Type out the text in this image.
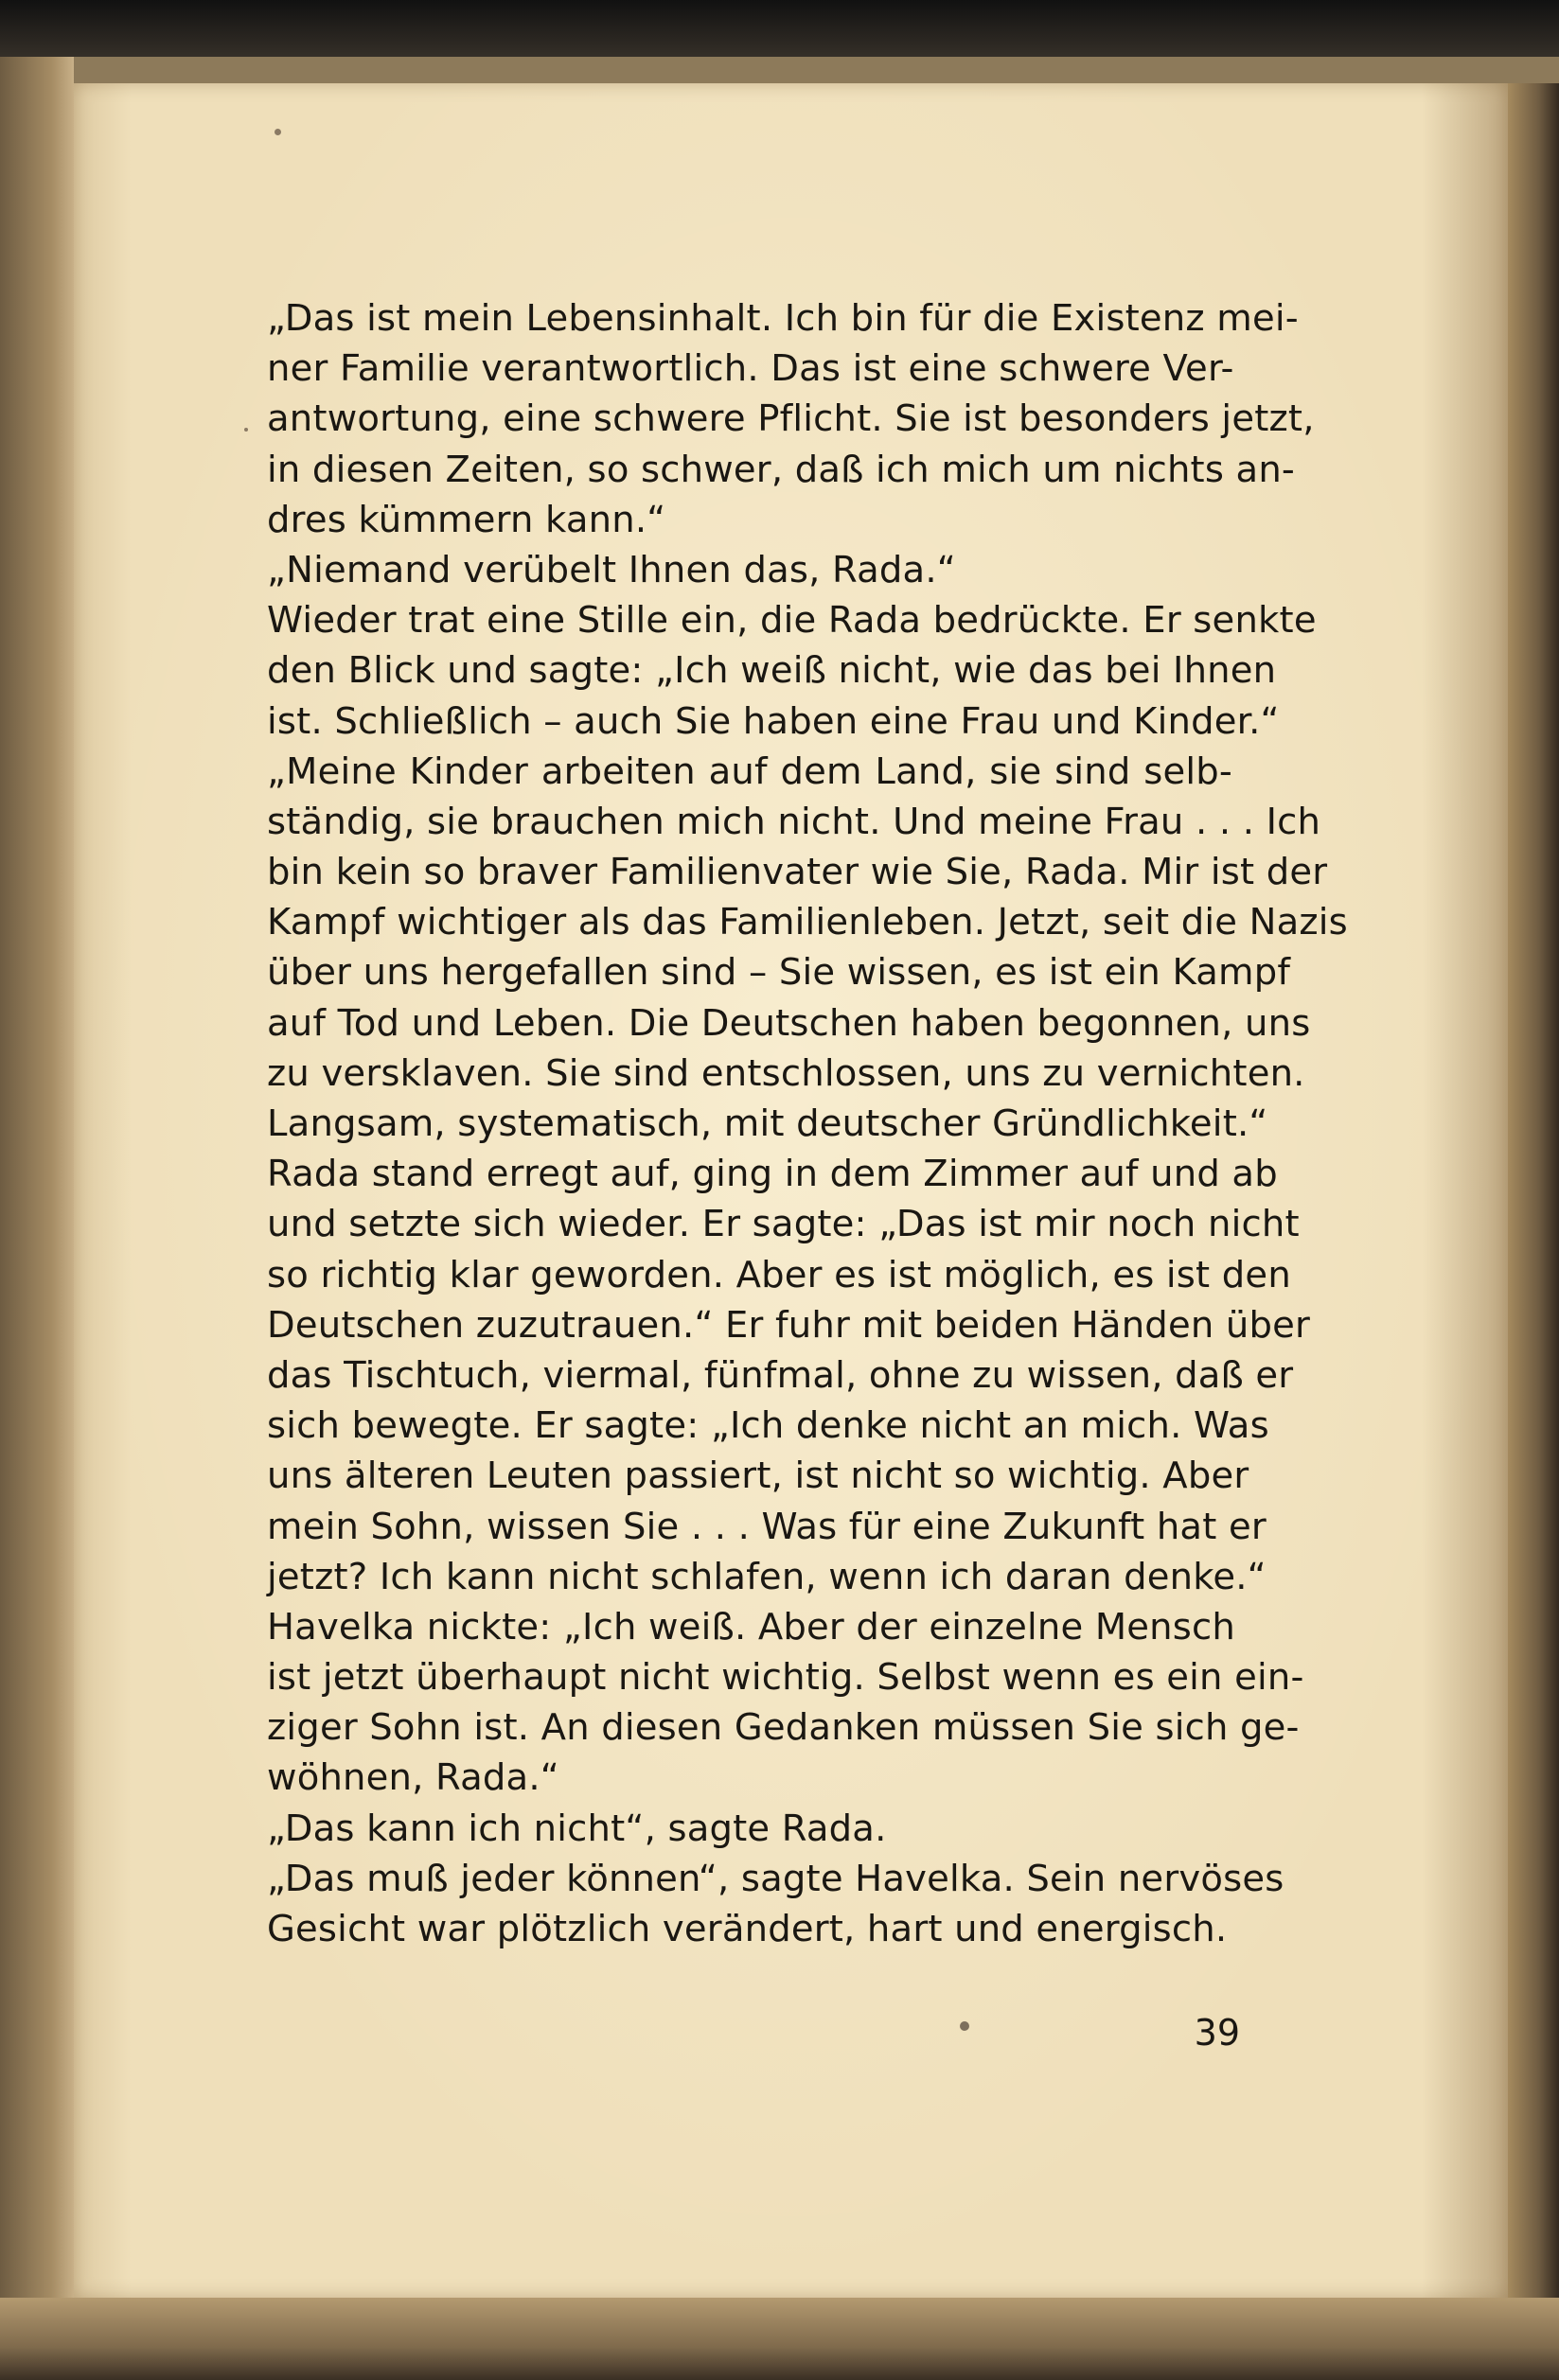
„Das ist mein Lebensinhalt. Ich bin für die Existenz mei-
ner Familie verantwortlich. Das ist eine schwere Ver-
antwortung, eine schwere Pflicht. Sie ist besonders jetzt,
in diesen Zeiten, so schwer, daß ich mich um nichts an-
dres kümmern kann.“
„Niemand verübelt Ihnen das, Rada.“
Wieder trat eine Stille ein, die Rada bedrückte. Er senkte
den Blick und sagte: „Ich weiß nicht, wie das bei Ihnen
ist. Schließlich – auch Sie haben eine Frau und Kinder.“
„Meine Kinder arbeiten auf dem Land, sie sind selb-
ständig, sie brauchen mich nicht. Und meine Frau . . . Ich
bin kein so braver Familienvater wie Sie, Rada. Mir ist der
Kampf wichtiger als das Familienleben. Jetzt, seit die Nazis
über uns hergefallen sind – Sie wissen, es ist ein Kampf
auf Tod und Leben. Die Deutschen haben begonnen, uns
zu versklaven. Sie sind entschlossen, uns zu vernichten.
Langsam, systematisch, mit deutscher Gründlichkeit.“
Rada stand erregt auf, ging in dem Zimmer auf und ab
und setzte sich wieder. Er sagte: „Das ist mir noch nicht
so richtig klar geworden. Aber es ist möglich, es ist den
Deutschen zuzutrauen.“ Er fuhr mit beiden Händen über
das Tischtuch, viermal, fünfmal, ohne zu wissen, daß er
sich bewegte. Er sagte: „Ich denke nicht an mich. Was
uns älteren Leuten passiert, ist nicht so wichtig. Aber
mein Sohn, wissen Sie . . . Was für eine Zukunft hat er
jetzt? Ich kann nicht schlafen, wenn ich daran denke.“
Havelka nickte: „Ich weiß. Aber der einzelne Mensch
ist jetzt überhaupt nicht wichtig. Selbst wenn es ein ein-
ziger Sohn ist. An diesen Gedanken müssen Sie sich ge-
wöhnen, Rada.“
„Das kann ich nicht“, sagte Rada.
„Das muß jeder können“, sagte Havelka. Sein nervöses
Gesicht war plötzlich verändert, hart und energisch.
39
